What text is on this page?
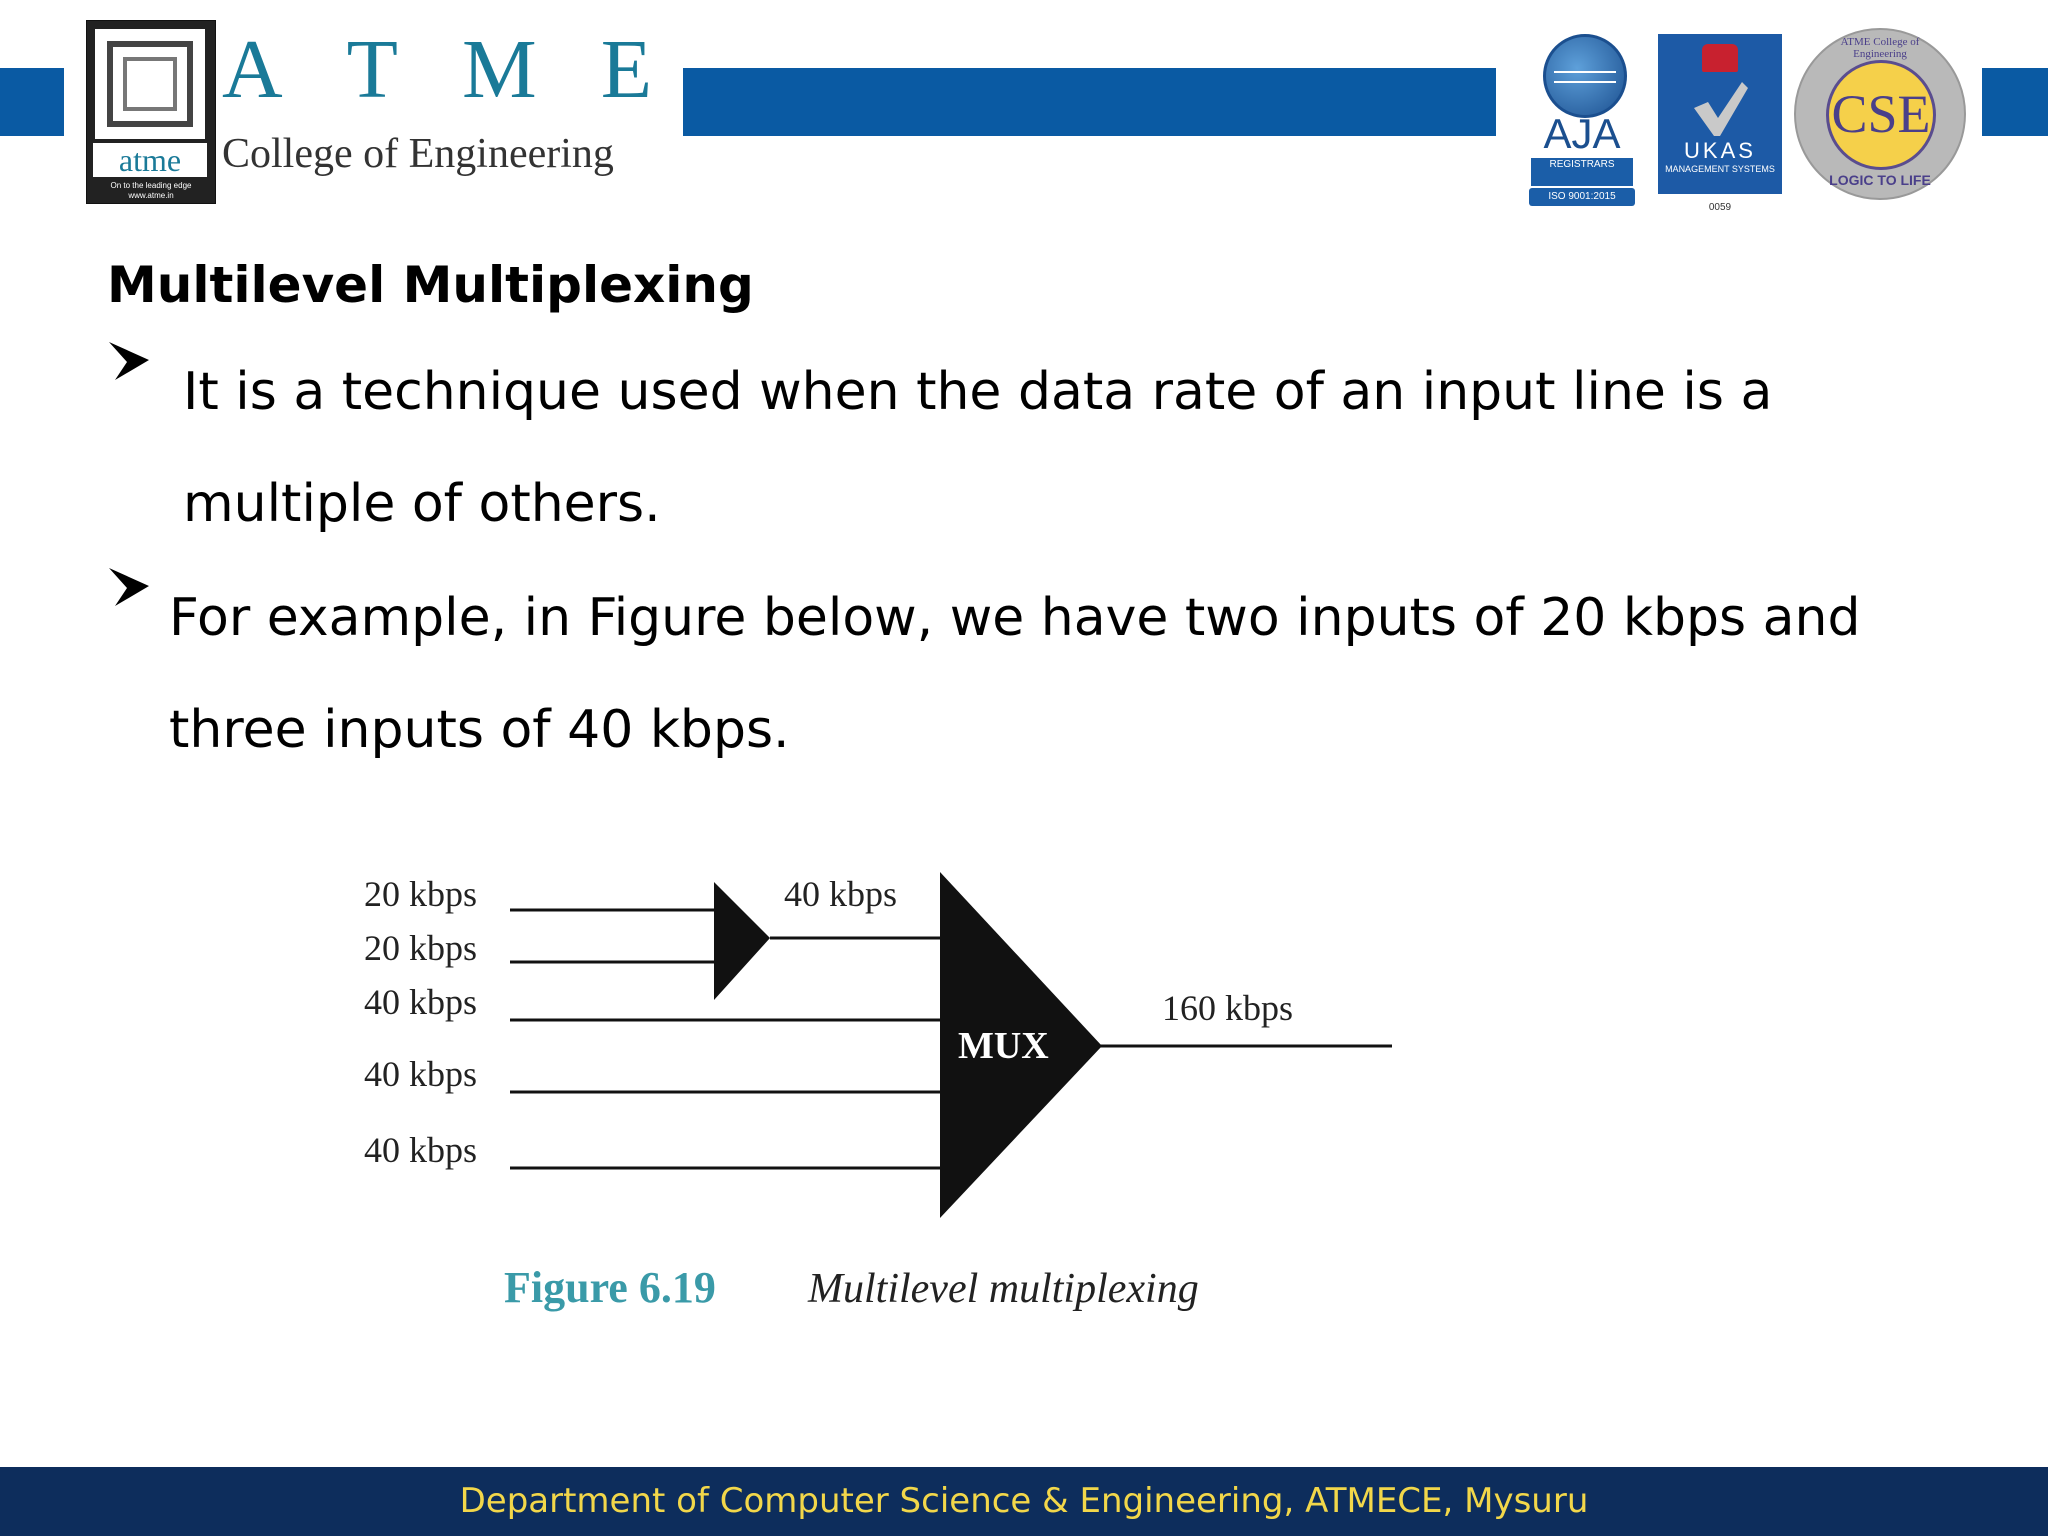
atme
On to the leading edge
www.atme.in
A T M E
College of Engineering	AJA
REGISTRARS
ISO 9001:2015
UKAS
MANAGEMENT SYSTEMS
0059
ATME College of Engineering
CSE
LOGIC TO LIFE
Multilevel Multiplexing
It is a technique used when the data rate of an input line is a multiple of others.
For example, in Figure below, we have two inputs of 20 kbps and three inputs of 40 kbps.
20 kbps
20 kbps
40 kbps
40 kbps
40 kbps
40 kbps
MUX
160 kbps
Figure 6.19 Multilevel multiplexing
Department of Computer Science & Engineering, ATMECE, Mysuru
